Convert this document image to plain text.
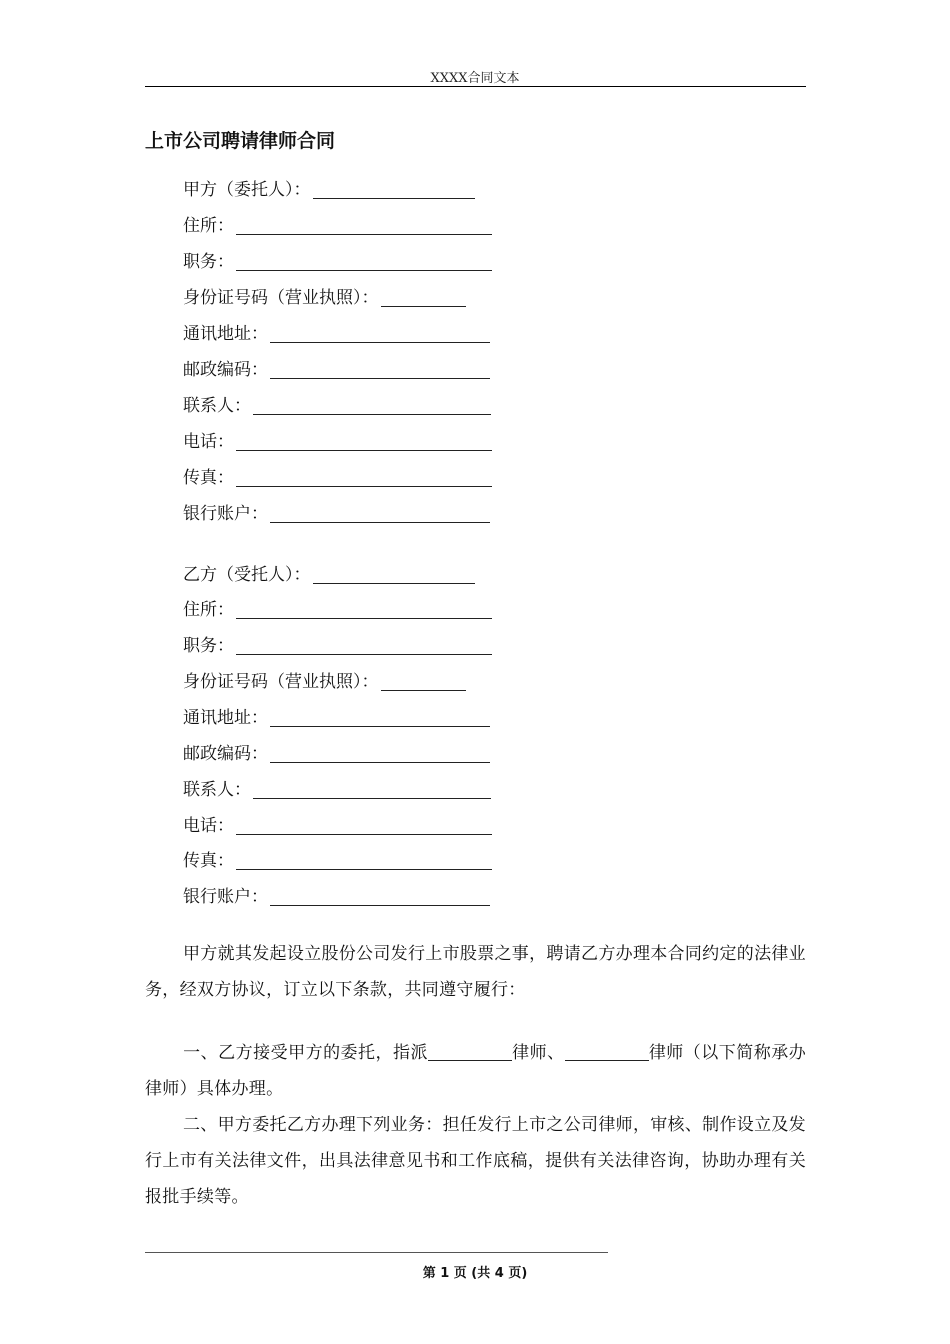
XXXX合同文本
上市公司聘请律师合同
甲方（委托人）：
住所：
职务：
身份证号码（营业执照）：
通讯地址：
邮政编码：
联系人：
电话：
传真：
银行账户：
乙方（受托人）：
住所：
职务：
身份证号码（营业执照）：
通讯地址：
邮政编码：
联系人：
电话：
传真：
银行账户：
甲方就其发起设立股份公司发行上市股票之事，聘请乙方办理本合同约定的法律业务，经双方协议，订立以下条款，共同遵守履行：
一、乙方接受甲方的委托，指派	律师、	律师（以下简称承办律师）具体办理。
二、甲方委托乙方办理下列业务：担任发行上市之公司律师，审核、制作设立及发行上市有关法律文件，出具法律意见书和工作底稿，提供有关法律咨询，协助办理有关报批手续等。
第 1 页 (共 4 页)
